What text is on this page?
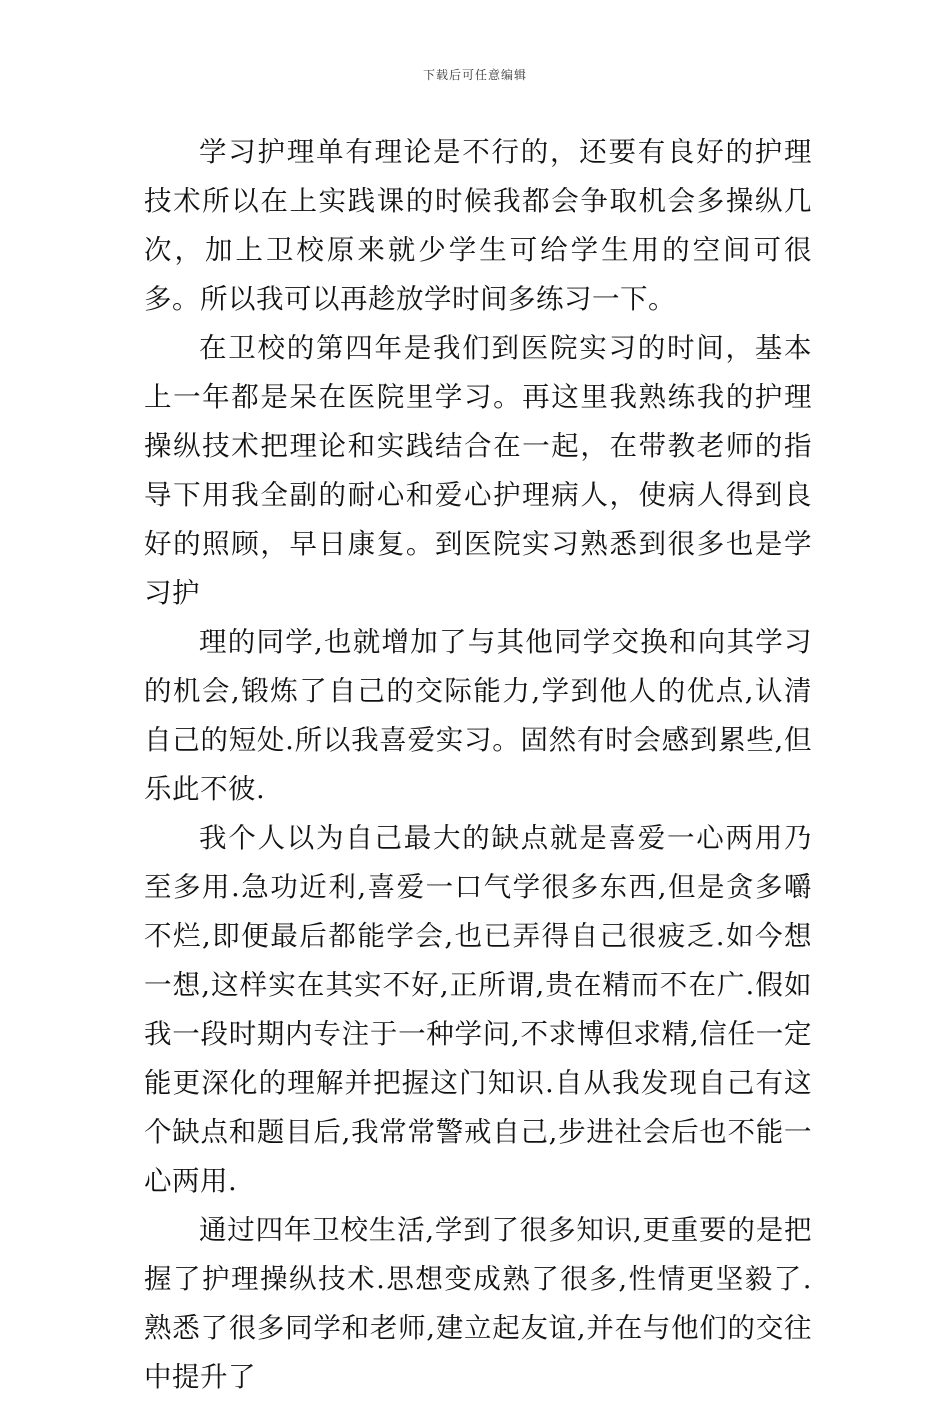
下载后可任意编辑

学习护理单有理论是不行的，还要有良好的护理技术所以在上实践课的时候我都会争取机会多操纵几次，加上卫校原来就少学生可给学生用的空间可很多。所以我可以再趁放学时间多练习一下。

在卫校的第四年是我们到医院实习的时间，基本上一年都是呆在医院里学习。再这里我熟练我的护理操纵技术把理论和实践结合在一起，在带教老师的指导下用我全副的耐心和爱心护理病人，使病人得到良好的照顾，早日康复。到医院实习熟悉到很多也是学习护

理的同学,也就增加了与其他同学交换和向其学习的机会,锻炼了自己的交际能力,学到他人的优点,认清自己的短处.所以我喜爱实习。固然有时会感到累些,但乐此不彼.

我个人以为自己最大的缺点就是喜爱一心两用乃至多用.急功近利,喜爱一口气学很多东西,但是贪多嚼不烂,即便最后都能学会,也已弄得自己很疲乏.如今想一想,这样实在其实不好,正所谓,贵在精而不在广.假如我一段时期内专注于一种学问,不求博但求精,信任一定能更深化的理解并把握这门知识.自从我发现自己有这个缺点和题目后,我常常警戒自己,步进社会后也不能一心两用.

通过四年卫校生活,学到了很多知识,更重要的是把握了护理操纵技术.思想变成熟了很多,性情更坚毅了.熟悉了很多同学和老师,建立起友谊,并在与他们的交往中提升了
